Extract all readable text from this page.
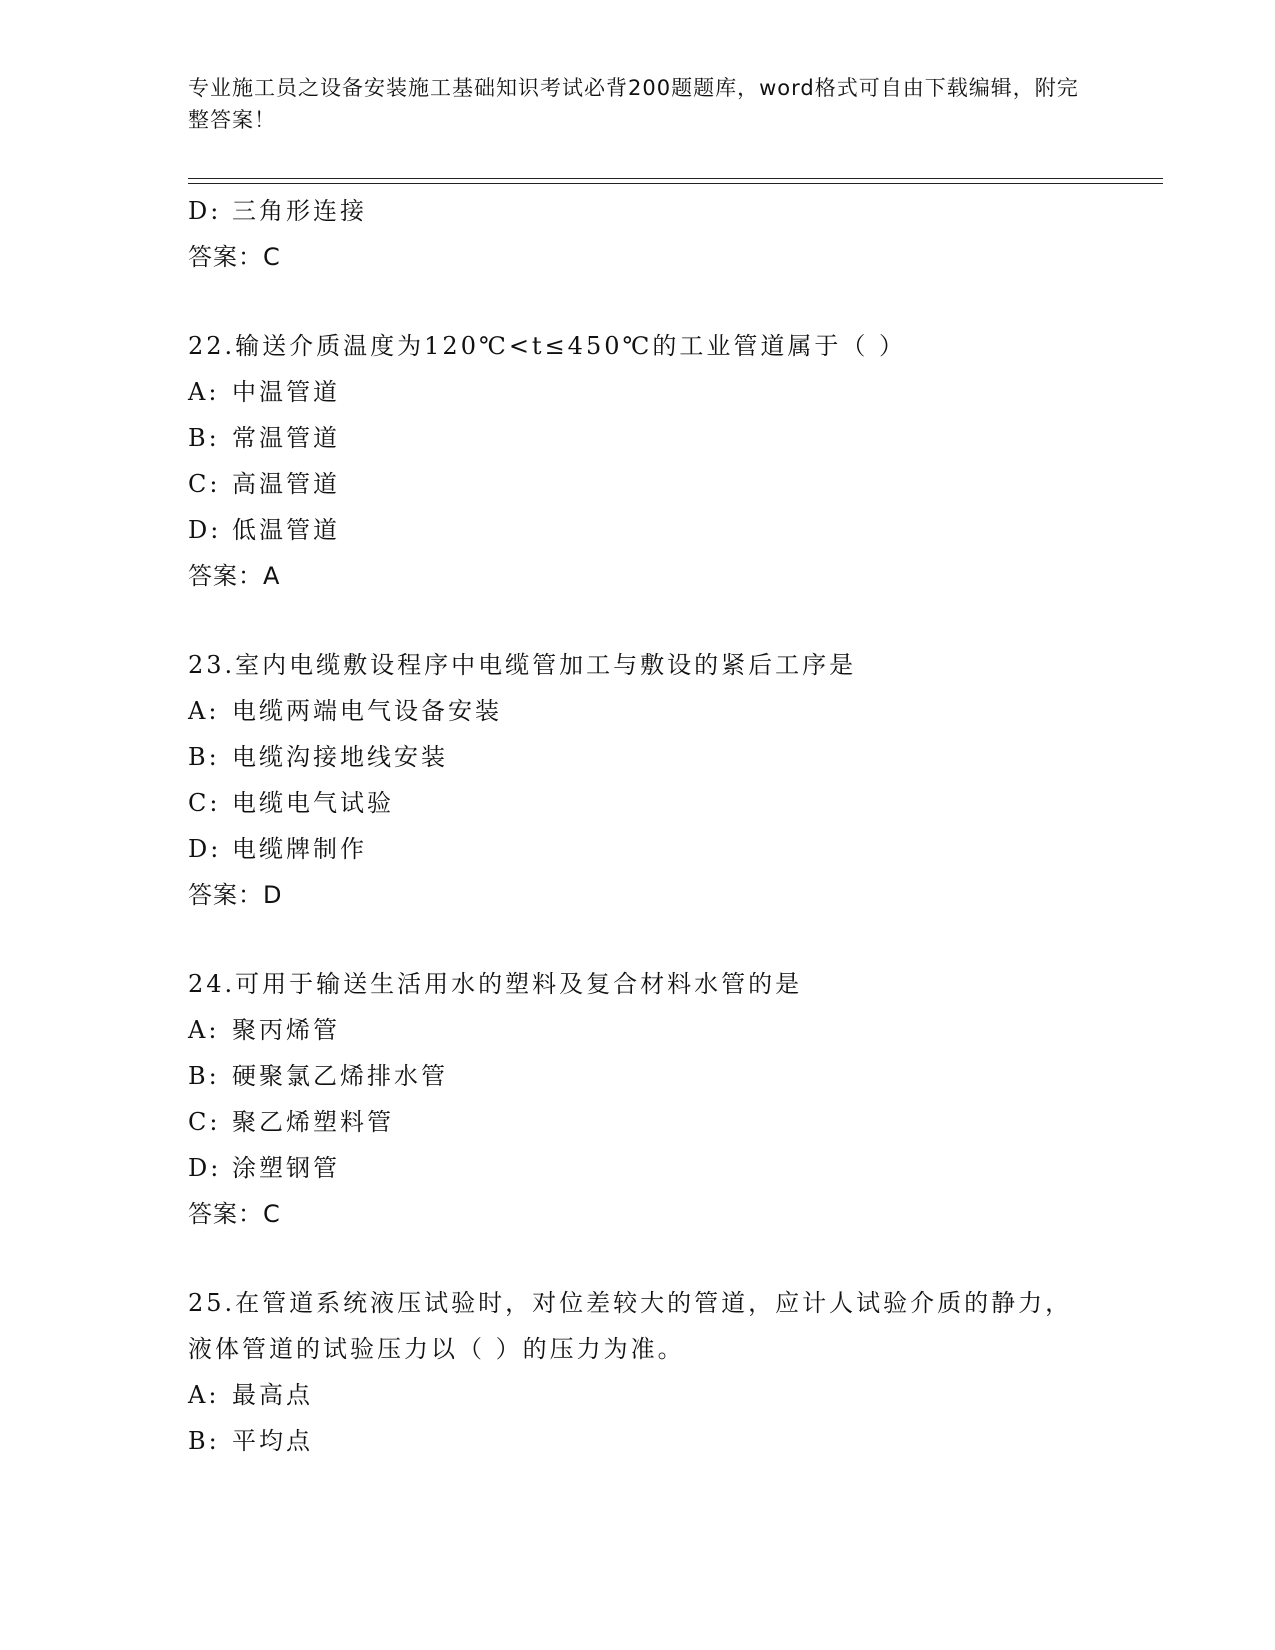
专业施工员之设备安装施工基础知识考试必背200题题库，word格式可自由下载编辑，附完整答案！
D: 三角形连接
答案：C
22.输送介质温度为120℃<t≤450℃的工业管道属于（ ）
A: 中温管道
B: 常温管道
C: 高温管道
D: 低温管道
答案：A
23.室内电缆敷设程序中电缆管加工与敷设的紧后工序是
A: 电缆两端电气设备安装
B: 电缆沟接地线安装
C: 电缆电气试验
D: 电缆牌制作
答案：D
24.可用于输送生活用水的塑料及复合材料水管的是
A: 聚丙烯管
B: 硬聚氯乙烯排水管
C: 聚乙烯塑料管
D: 涂塑钢管
答案：C
25.在管道系统液压试验时，对位差较大的管道，应计人试验介质的静力，液体管道的试验压力以（ ）的压力为准。
A: 最高点
B: 平均点
